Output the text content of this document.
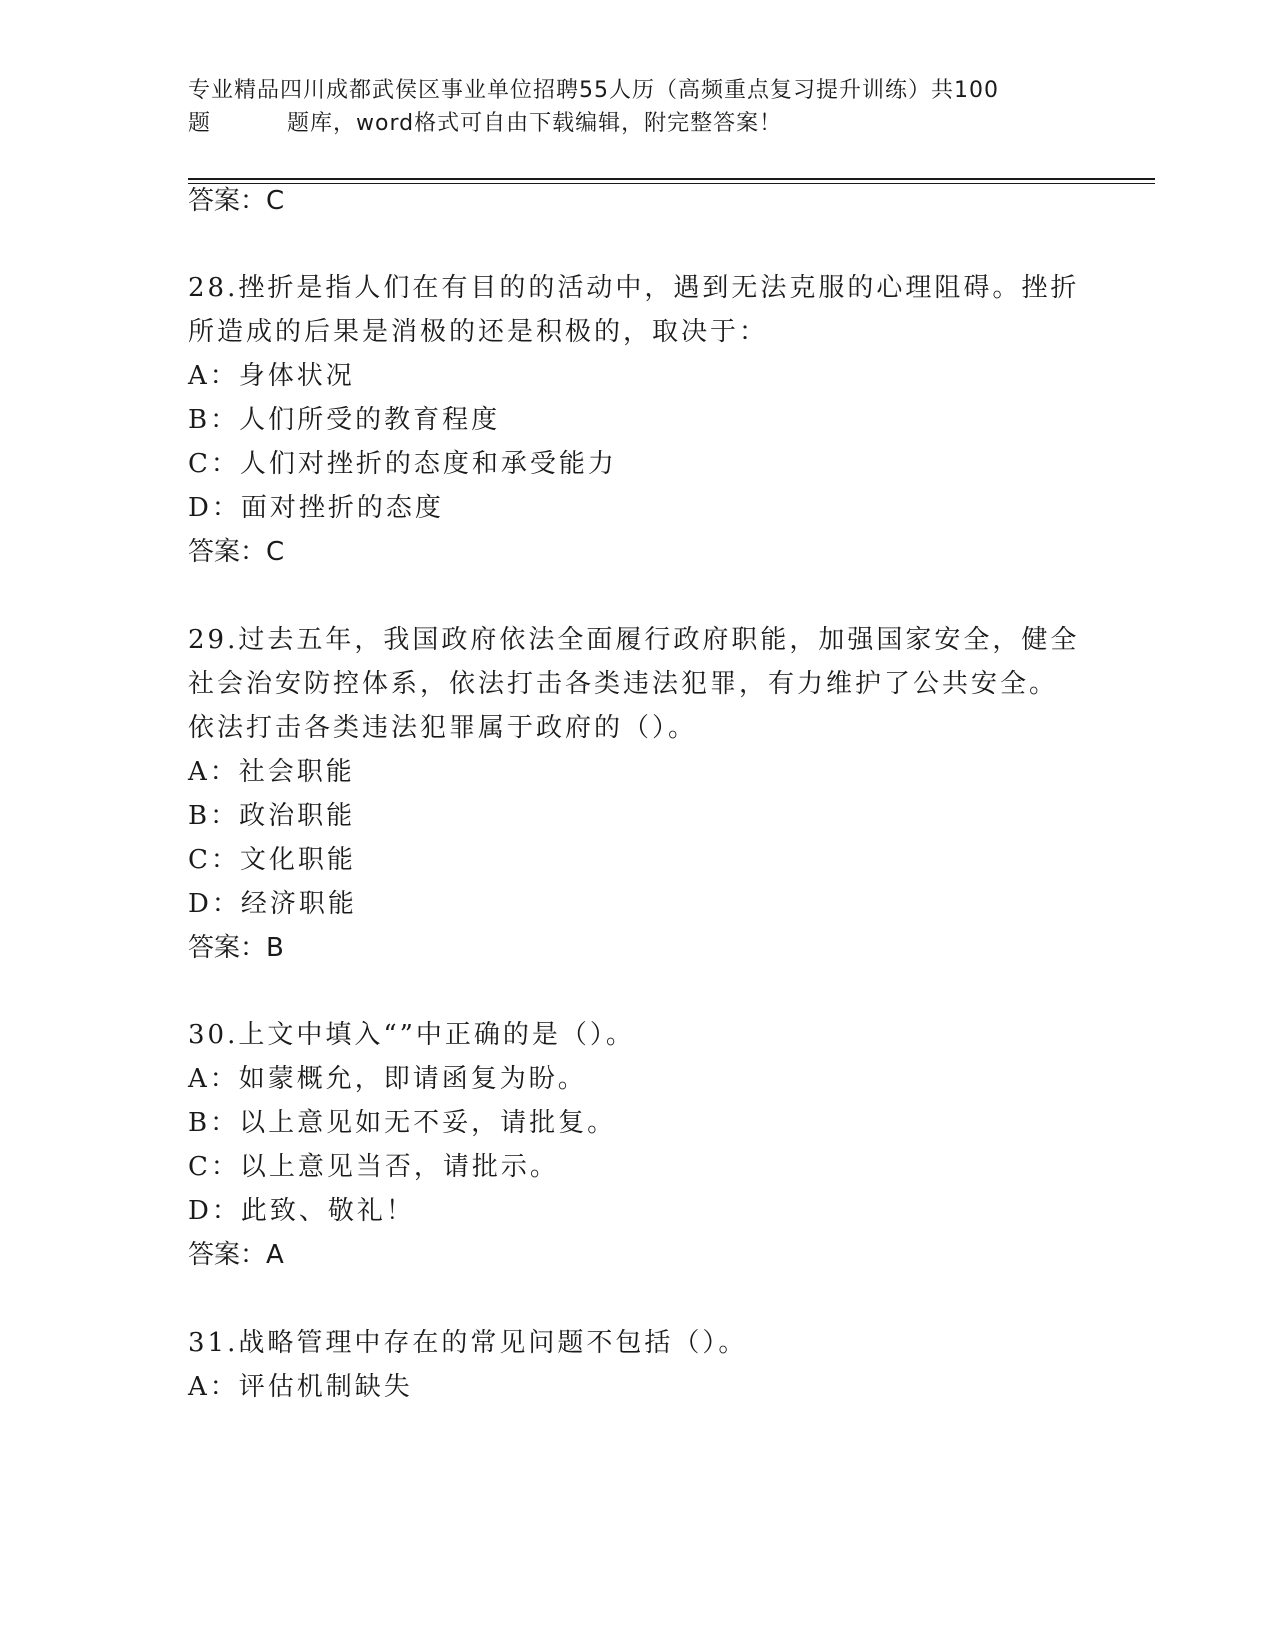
专业精品四川成都武侯区事业单位招聘55人历（高频重点复习提升训练）共100
题	题库，word格式可自由下载编辑，附完整答案！
答案：C
28.挫折是指人们在有目的的活动中，遇到无法克服的心理阻碍。挫折
所造成的后果是消极的还是积极的，取决于：
A：身体状况
B：人们所受的教育程度
C：人们对挫折的态度和承受能力
D：面对挫折的态度
答案：C
29.过去五年，我国政府依法全面履行政府职能，加强国家安全，健全
社会治安防控体系，依法打击各类违法犯罪，有力维护了公共安全。
依法打击各类违法犯罪属于政府的（）。
A：社会职能
B：政治职能
C：文化职能
D：经济职能
答案：B
30.上文中填入“”中正确的是（）。
A：如蒙概允，即请函复为盼。
B：以上意见如无不妥，请批复。
C：以上意见当否，请批示。
D：此致、敬礼！
答案：A
31.战略管理中存在的常见问题不包括（）。
A：评估机制缺失
